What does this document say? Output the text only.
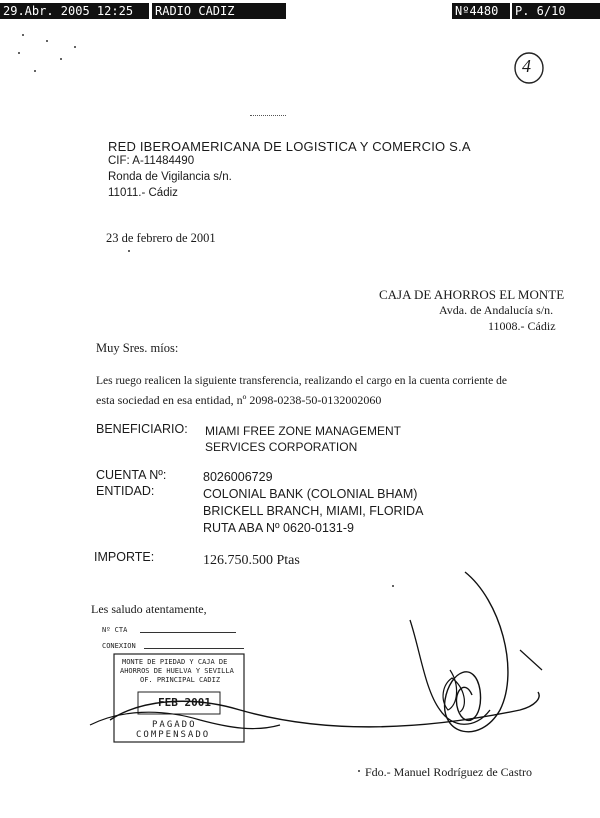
29.Abr. 2005 12:25	RADIO CADIZ 956274280
Nº4480	P. 6/10
4
RED IBEROAMERICANA DE LOGISTICA Y COMERCIO S.A
CIF: A-11484490
Ronda de Vigilancia s/n.
11011.- Cádiz
23 de febrero de 2001
CAJA DE AHORROS EL MONTE
Avda. de Andalucía s/n.
11008.- Cádiz
Muy Sres. míos:
Les ruego realicen la siguiente transferencia, realizando el cargo en la cuenta corriente de
esta sociedad en esa entidad, nº 2098-0238-50-0132002060
BENEFICIARIO: MIAMI FREE ZONE MANAGEMENT
SERVICES CORPORATION
CUENTA Nº:	8026006729
ENTIDAD:	COLONIAL BANK (COLONIAL BHAM)
BRICKELL BRANCH, MIAMI, FLORIDA
RUTA ABA Nº 0620-0131-9
IMPORTE:	126.750.500 Ptas
Les saludo atentamente,
Nº CTA
CONEXION
MONTE DE PIEDAD Y CAJA DE
AHORROS DE HUELVA Y SEVILLA
OF. PRINCIPAL CADIZ
FEB 2001
PAGADO
COMPENSADO
Fdo.- Manuel Rodríguez de Castro
